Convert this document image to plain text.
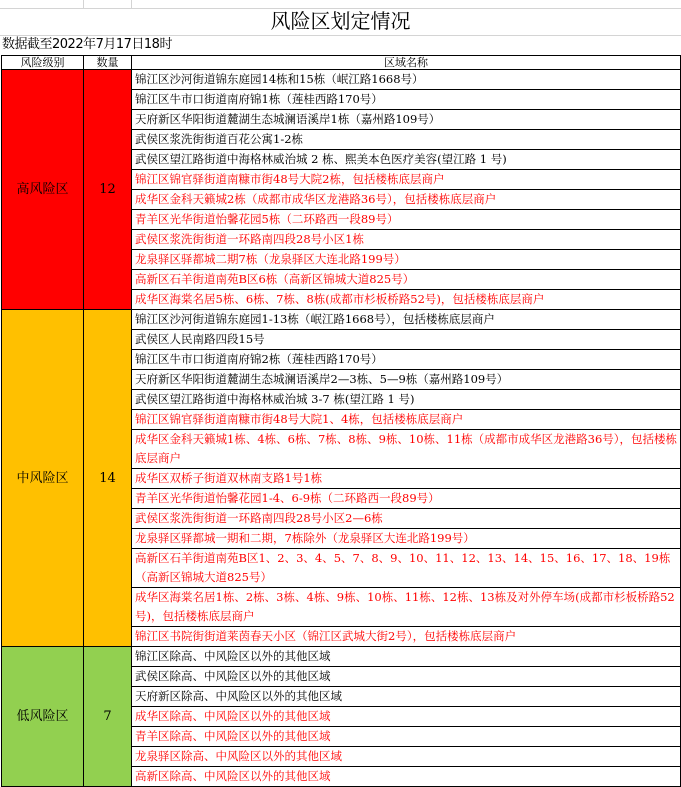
风险区划定情况
数据截至2022年7月17日18时
风险级别	数量	区域名称
高风险区	12	锦江区沙河街道锦东庭园14栋和15栋（岷江路1668号）
		锦江区牛市口街道南府锦1栋（莲桂西路170号）
		天府新区华阳街道麓湖生态城澜语溪岸1栋（嘉州路109号）
		武侯区浆洗街街道百花公寓1-2栋
		武侯区望江路街道中海格林威治城 2 栋、熙美本色医疗美容(望江路 1 号)
		锦江区锦官驿街道南糠市街48号大院2栋，包括楼栋底层商户
		成华区金科天籁城2栋（成都市成华区龙港路36号），包括楼栋底层商户
		青羊区光华街道怡馨花园5栋（二环路西一段89号）
		武侯区浆洗街街道一环路南四段28号小区1栋
		龙泉驿区驿都城二期7栋（龙泉驿区大连北路199号）
		高新区石羊街道南苑B区6栋（高新区锦城大道825号）
		成华区海棠名居5栋、6栋、7栋、8栋(成都市杉板桥路52号)，包括楼栋底层商户
中风险区	14	锦江区沙河街道锦东庭园1-13栋（岷江路1668号），包括楼栋底层商户
		武侯区人民南路四段15号
		锦江区牛市口街道南府锦2栋（莲桂西路170号）
		天府新区华阳街道麓湖生态城澜语溪岸2—3栋、5—9栋（嘉州路109号）
		武侯区望江路街道中海格林威治城 3-7 栋(望江路 1 号)
		锦江区锦官驿街道南糠市街48号大院1、4栋，包括楼栋底层商户
		成华区金科天籁城1栋、4栋、6栋、7栋、8栋、9栋、10栋、11栋（成都市成华区龙港路36号），包括楼栋底层商户
		成华区双桥子街道双林南支路1号1栋
		青羊区光华街道怡馨花园1-4、6-9栋（二环路西一段89号）
		武侯区浆洗街街道一环路南四段28号小区2—6栋
		龙泉驿区驿都城一期和二期，7栋除外（龙泉驿区大连北路199号）
		高新区石羊街道南苑B区1、2、3、4、5、7、8、9、10、11、12、13、14、15、16、17、18、19栋（高新区锦城大道825号）
		成华区海棠名居1栋、2栋、3栋、4栋、9栋、10栋、11栋、12栋、13栋及对外停车场(成都市杉板桥路52号)，包括楼栋底层商户
		锦江区书院街街道莱茵春天小区（锦江区武城大街2号），包括楼栋底层商户
低风险区	7	锦江区除高、中风险区以外的其他区域
		武侯区除高、中风险区以外的其他区域
		天府新区除高、中风险区以外的其他区域
		成华区除高、中风险区以外的其他区域
		青羊区除高、中风险区以外的其他区域
		龙泉驿区除高、中风险区以外的其他区域
		高新区除高、中风险区以外的其他区域
